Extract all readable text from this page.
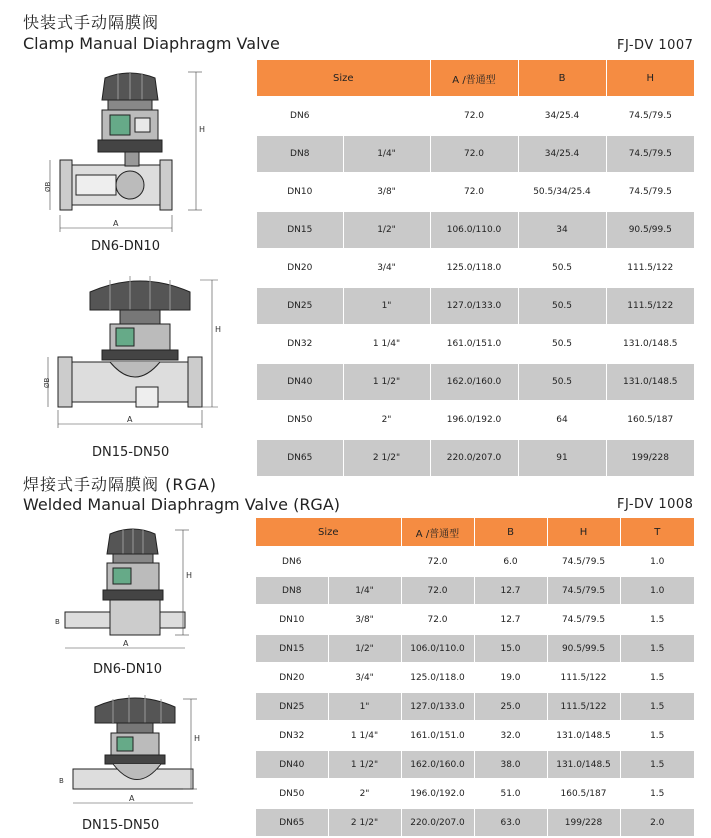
快装式手动隔膜阀
Clamp Manual Diaphragm Valve	FJ-DV 1007
H
A
ØB
DN6-DN10
H
A
ØB
DN15-DN50
Size		A /普通型	B	H

DN6		72.0	34/25.4	74.5/79.5

DN8	1/4"	72.0	34/25.4	74.5/79.5

DN10	3/8"	72.0	50.5/34/25.4	74.5/79.5

DN15	1/2"	106.0/110.0	34	90.5/99.5

DN20	3/4"	125.0/118.0	50.5	111.5/122

DN25	1"	127.0/133.0	50.5	111.5/122

DN32	1 1/4"	161.0/151.0	50.5	131.0/148.5

DN40	1 1/2"	162.0/160.0	50.5	131.0/148.5

DN50	2"	196.0/192.0	64	160.5/187

DN65	2 1/2"	220.0/207.0	91	199/228
焊接式手动隔膜阀 (RGA)
Welded Manual Diaphragm Valve (RGA)	FJ-DV 1008
H
A
B
DN6-DN10
H
A
B
DN15-DN50
Size		A /普通型	B	H	T

DN6		72.0	6.0	74.5/79.5	1.0

DN8	1/4"	72.0	12.7	74.5/79.5	1.0

DN10	3/8"	72.0	12.7	74.5/79.5	1.5

DN15	1/2"	106.0/110.0	15.0	90.5/99.5	1.5

DN20	3/4"	125.0/118.0	19.0	111.5/122	1.5

DN25	1"	127.0/133.0	25.0	111.5/122	1.5

DN32	1 1/4"	161.0/151.0	32.0	131.0/148.5	1.5

DN40	1 1/2"	162.0/160.0	38.0	131.0/148.5	1.5

DN50	2"	196.0/192.0	51.0	160.5/187	1.5

DN65	2 1/2"	220.0/207.0	63.0	199/228	2.0
